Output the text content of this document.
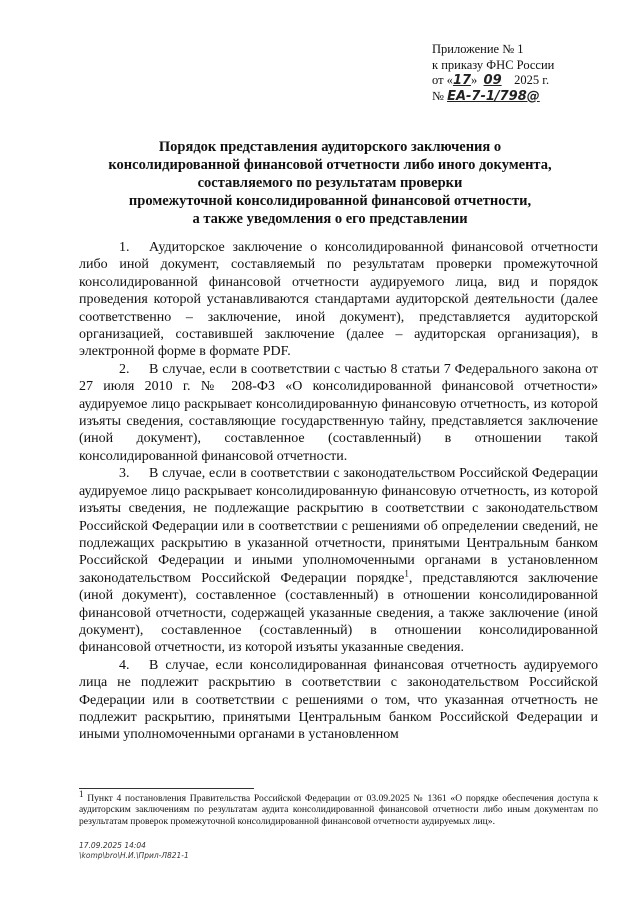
Приложение № 1
к приказу ФНС России
от «17» 09 2025 г.
№ ЕА-7-1/798@
Порядок представления аудиторского заключения о
консолидированной финансовой отчетности либо иного документа,
составляемого по результатам проверки
промежуточной консолидированной финансовой отчетности,
а также уведомления о его представлении

1. Аудиторское заключение о консолидированной финансовой отчетности либо иной документ, составляемый по результатам проверки промежуточной консолидированной финансовой отчетности аудируемого лица, вид и порядок проведения которой устанавливаются стандартами аудиторской деятельности (далее соответственно – заключение, иной документ), представляется аудиторской организацией, составившей заключение (далее – аудиторская организация), в электронной форме в формате PDF.

2. В случае, если в соответствии с частью 8 статьи 7 Федерального закона от 27 июля 2010 г. № 208-ФЗ «О консолидированной финансовой отчетности» аудируемое лицо раскрывает консолидированную финансовую отчетность, из которой изъяты сведения, составляющие государственную тайну, представляется заключение (иной документ), составленное (составленный) в отношении такой консолидированной финансовой отчетности.

3. В случае, если в соответствии с законодательством Российской Федерации аудируемое лицо раскрывает консолидированную финансовую отчетность, из которой изъяты сведения, не подлежащие раскрытию в соответствии с законодательством Российской Федерации или в соответствии с решениями об определении сведений, не подлежащих раскрытию в указанной отчетности, принятыми Центральным банком Российской Федерации и иными уполномоченными органами в установленном законодательством Российской Федерации порядке$^1$, представляются заключение (иной документ), составленное (составленный) в отношении консолидированной финансовой отчетности, содержащей указанные сведения, а также заключение (иной документ), составленное (составленный) в отношении консолидированной финансовой отчетности, из которой изъяты указанные сведения.

4. В случае, если консолидированная финансовая отчетность аудируемого лица не подлежит раскрытию в соответствии с законодательством Российской Федерации или в соответствии с решениями о том, что указанная отчетность не подлежит раскрытию, принятыми Центральным банком Российской Федерации и иными уполномоченными органами в установленном

$^1$ Пункт 4 постановления Правительства Российской Федерации от 03.09.2025 № 1361 «О порядке обеспечения доступа к аудиторским заключениям по результатам аудита консолидированной финансовой отчетности либо иным документам по результатам проверок промежуточной консолидированной финансовой отчетности аудируемых лиц».
17.09.2025 14:04
\komp\bro\Н.И.\Прил-Л821-1
